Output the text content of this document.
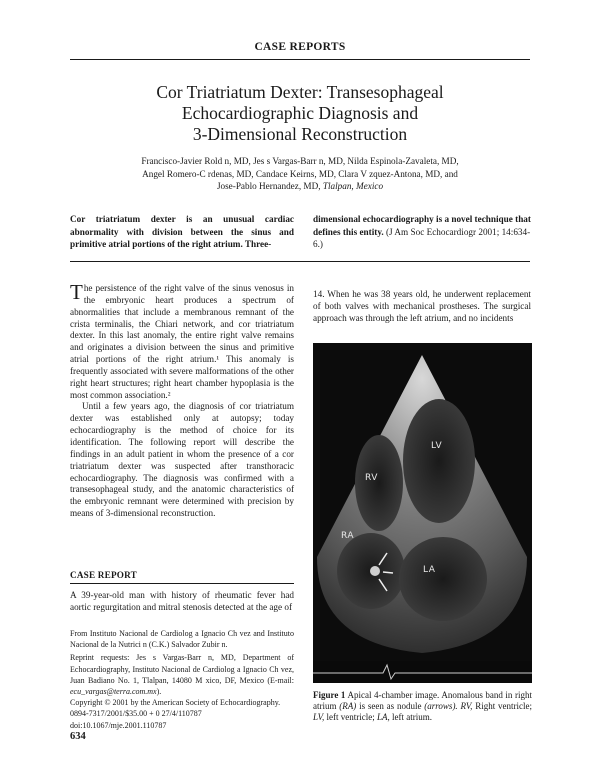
CASE REPORTS
Cor Triatriatum Dexter: Transesophageal
Echocardiographic Diagnosis and
3-Dimensional Reconstruction
Francisco-Javier Rold n, MD, Jes s Vargas-Barr n, MD, Nilda Espinola-Zavaleta, MD,
Angel Romero-C rdenas, MD, Candace Keirns, MD, Clara V zquez-Antona, MD, and
Jose-Pablo Hernandez, MD, Tlalpan, Mexico
Cor triatriatum dexter is an unusual cardiac abnormality with division between the sinus and primitive atrial portions of the right atrium. Three-
dimensional echocardiography is a novel technique that defines this entity. (J Am Soc Echocardiogr 2001; 14:634-6.)

The persistence of the right valve of the sinus venosus in the embryonic heart produces a spectrum of abnormalities that include a membranous remnant of the crista terminalis, the Chiari network, and cor triatriatum dexter. In this last anomaly, the entire right valve remains and originates a division between the sinus and primitive atrial portions of the right atrium.¹ This anomaly is frequently associated with severe malformations of the other right heart structures; right heart chamber hypoplasia is the most common association.²

Until a few years ago, the diagnosis of cor triatriatum dexter was established only at autopsy; today echocardiography is the method of choice for its identification. The following report will describe the findings in an adult patient in whom the presence of a cor triatriatum dexter was suspected after transthoracic echocardiography. The diagnosis was confirmed with a transesophageal study, and the anatomic characteristics of the embryonic remnant were determined with precision by means of 3-dimensional reconstruction.

CASE REPORT
A 39-year-old man with history of rheumatic fever had aortic regurgitation and mitral stenosis detected at the age of
From Instituto Nacional de Cardiolog a Ignacio Ch vez and Instituto Nacional de la Nutrici n (C.K.) Salvador Zubir n.
Reprint requests: Jes s Vargas-Barr n, MD, Department of Echocardiography, Instituto Nacional de Cardiolog a Ignacio Ch vez, Juan Badiano No. 1, Tlalpan, 14080 M xico, DF, Mexico (E-mail: ecu_vargas@terra.com.mx).
Copyright © 2001 by the American Society of Echocardiography.
0894-7317/2001/$35.00 + 0 27/4/110787
doi:10.1067/mje.2001.110787
14. When he was 38 years old, he underwent replacement of both valves with mechanical prostheses. The surgical approach was through the left atrium, and no incidents
LV
RV
RA
LA
Figure 1 Apical 4-chamber image. Anomalous band in right atrium (RA) is seen as nodule (arrows). RV, Right ventricle; LV, left ventricle; LA, left atrium.
634
